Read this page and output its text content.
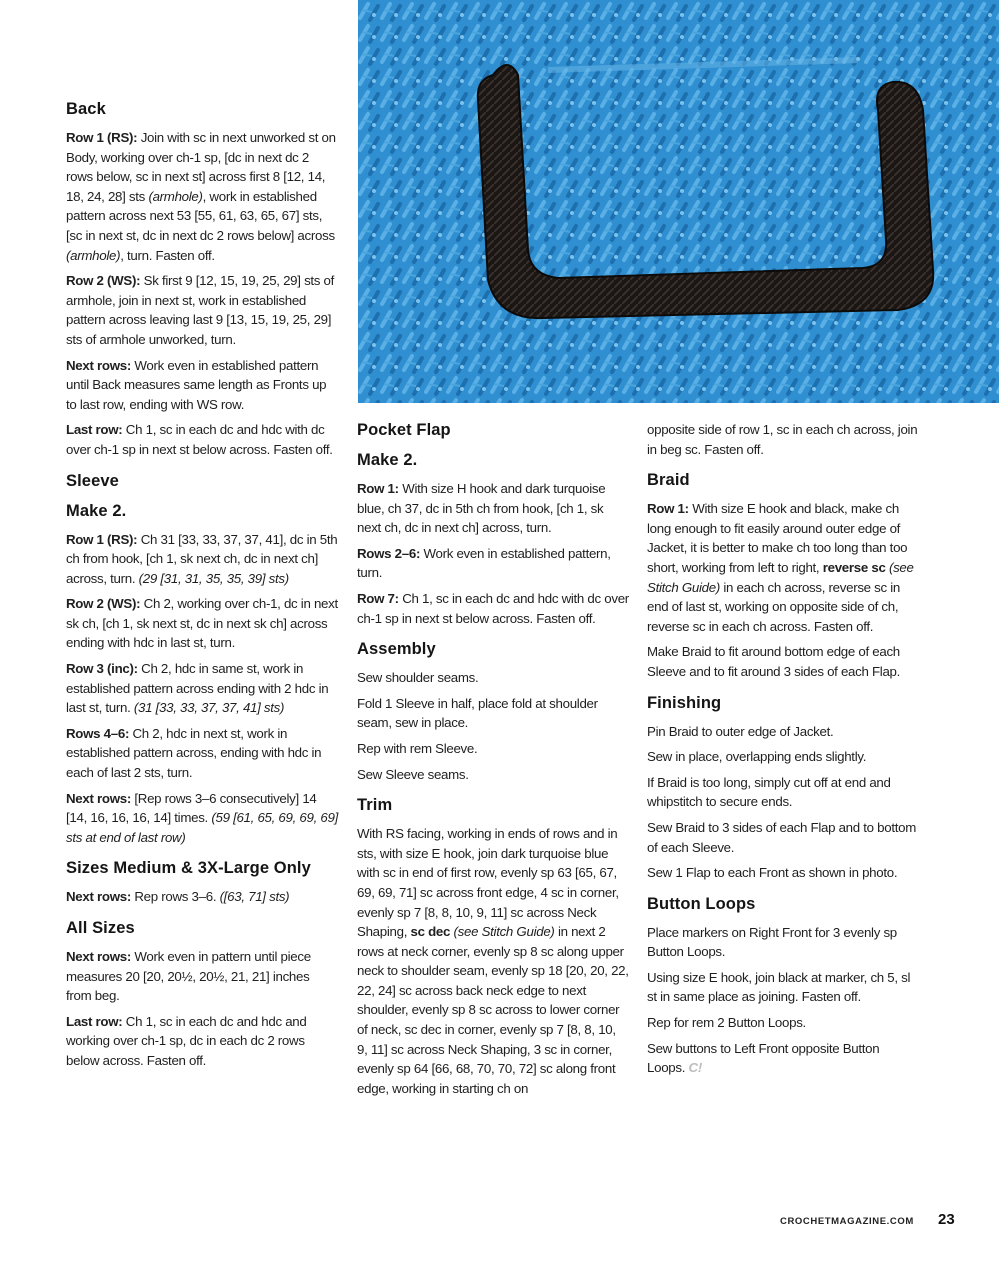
Back

Row 1 (RS): Join with sc in next unworked st on Body, working over ch-1 sp, [dc in next dc 2 rows below, sc in next st] across first 8 [12, 14, 18, 24, 28] sts (armhole), work in established pattern across next 53 [55, 61, 63, 65, 67] sts, [sc in next st, dc in next dc 2 rows below] across (armhole), turn. Fasten off.

Row 2 (WS): Sk first 9 [12, 15, 19, 25, 29] sts of armhole, join in next st, work in established pattern across leaving last 9 [13, 15, 19, 25, 29] sts of armhole unworked, turn.

Next rows: Work even in established pattern until Back measures same length as Fronts up to last row, ending with WS row.

Last row: Ch 1, sc in each dc and hdc with dc over ch-1 sp in next st below across. Fasten off.

Sleeve
Make 2.

Row 1 (RS): Ch 31 [33, 33, 37, 37, 41], dc in 5th ch from hook, [ch 1, sk next ch, dc in next ch] across, turn. (29 [31, 31, 35, 35, 39] sts)

Row 2 (WS): Ch 2, working over ch-1, dc in next sk ch, [ch 1, sk next st, dc in next sk ch] across ending with hdc in last st, turn.

Row 3 (inc): Ch 2, hdc in same st, work in established pattern across ending with 2 hdc in last st, turn. (31 [33, 33, 37, 37, 41] sts)

Rows 4–6: Ch 2, hdc in next st, work in established pattern across, ending with hdc in each of last 2 sts, turn.

Next rows: [Rep rows 3–6 consecutively] 14 [14, 16, 16, 16, 14] times. (59 [61, 65, 69, 69, 69] sts at end of last row)

Sizes Medium & 3X-Large Only

Next rows: Rep rows 3–6. ([63, 71] sts)

All Sizes

Next rows: Work even in pattern until piece measures 20 [20, 20½, 20½, 21, 21] inches from beg.

Last row: Ch 1, sc in each dc and hdc and working over ch-1 sp, dc in each dc 2 rows below across. Fasten off.

Pocket Flap
Make 2.

Row 1: With size H hook and dark turquoise blue, ch 37, dc in 5th ch from hook, [ch 1, sk next ch, dc in next ch] across, turn.

Rows 2–6: Work even in established pattern, turn.

Row 7: Ch 1, sc in each dc and hdc with dc over ch-1 sp in next st below across. Fasten off.

Assembly

Sew shoulder seams.

Fold 1 Sleeve in half, place fold at shoulder seam, sew in place.

Rep with rem Sleeve.

Sew Sleeve seams.

Trim

With RS facing, working in ends of rows and in sts, with size E hook, join dark turquoise blue with sc in end of first row, evenly sp 63 [65, 67, 69, 69, 71] sc across front edge, 4 sc in corner, evenly sp 7 [8, 8, 10, 9, 11] sc across Neck Shaping, sc dec (see Stitch Guide) in next 2 rows at neck corner, evenly sp 8 sc along upper neck to shoulder seam, evenly sp 18 [20, 20, 22, 22, 24] sc across back neck edge to next shoulder, evenly sp 8 sc across to lower corner of neck, sc dec in corner, evenly sp 7 [8, 8, 10, 9, 11] sc across Neck Shaping, 3 sc in corner, evenly sp 64 [66, 68, 70, 70, 72] sc along front edge, working in starting ch on

opposite side of row 1, sc in each ch across, join in beg sc. Fasten off.

Braid

Row 1: With size E hook and black, make ch long enough to fit easily around outer edge of Jacket, it is better to make ch too long than too short, working from left to right, reverse sc (see Stitch Guide) in each ch across, reverse sc in end of last st, working on opposite side of ch, reverse sc in each ch across. Fasten off.

Make Braid to fit around bottom edge of each Sleeve and to fit around 3 sides of each Flap.

Finishing

Pin Braid to outer edge of Jacket.

Sew in place, overlapping ends slightly.

If Braid is too long, simply cut off at end and whipstitch to secure ends.

Sew Braid to 3 sides of each Flap and to bottom of each Sleeve.

Sew 1 Flap to each Front as shown in photo.

Button Loops

Place markers on Right Front for 3 evenly sp Button Loops.

Using size E hook, join black at marker, ch 5, sl st in same place as joining. Fasten off.

Rep for rem 2 Button Loops.

Sew buttons to Left Front opposite Button Loops. C!

CROCHETMAGAZINE.COM 23
